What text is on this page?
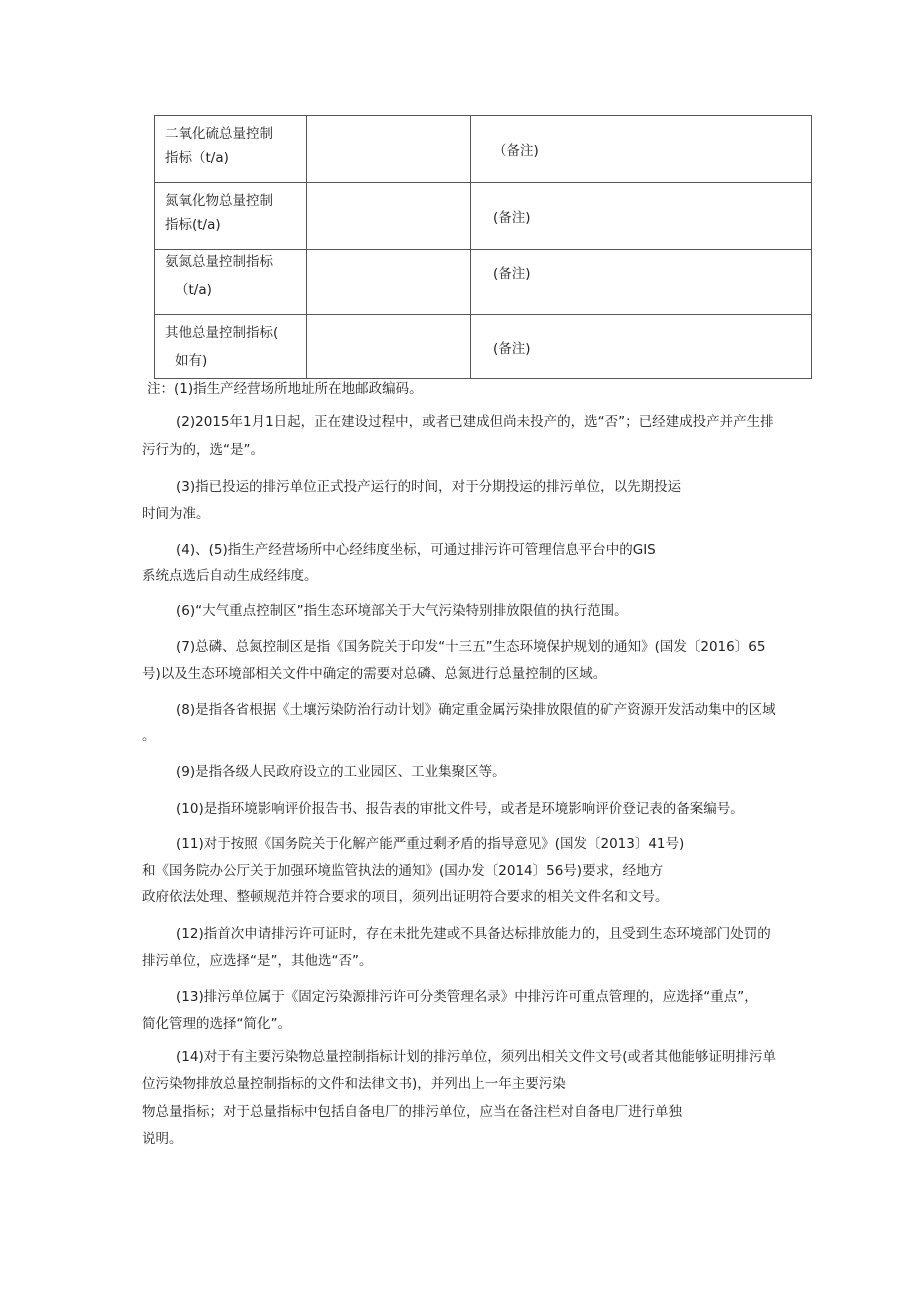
二氧化硫总量控制
指标（t/a)	（备注)
氮氧化物总量控制
指标(t/a)	(备注)
氨氮总量控制指标
（t/a)
(备注)
其他总量控制指标(
如有)
(备注)
注：(1)指生产经营场所地址所在地邮政编码。
(2)2015年1月1日起，正在建设过程中，或者已建成但尚未投产的，选“否”；已经建成投产并产生排
污行为的，选“是”。
(3)指已投运的排污单位正式投产运行的时间，对于分期投运的排污单位，以先期投运
时间为准。
(4)、(5)指生产经营场所中心经纬度坐标，可通过排污许可管理信息平台中的GIS
系统点选后自动生成经纬度。
(6)“大气重点控制区”指生态环境部关于大气污染特别排放限值的执行范围。
(7)总磷、总氮控制区是指《国务院关于印发“十三五”生态环境保护规划的通知》(国发〔2016〕65
号)以及生态环境部相关文件中确定的需要对总磷、总氮进行总量控制的区域。
(8)是指各省根据《土壤污染防治行动计划》确定重金属污染排放限值的矿产资源开发活动集中的区域
。
(9)是指各级人民政府设立的工业园区、工业集聚区等。
(10)是指环境影响评价报告书、报告表的审批文件号，或者是环境影响评价登记表的备案编号。
(11)对于按照《国务院关于化解产能严重过剩矛盾的指导意见》(国发〔2013〕41号)
和《国务院办公厅关于加强环境监管执法的通知》(国办发〔2014〕56号)要求，经地方
政府依法处理、整顿规范并符合要求的项目，须列出证明符合要求的相关文件名和文号。
(12)指首次申请排污许可证时，存在未批先建或不具备达标排放能力的，且受到生态环境部门处罚的
排污单位，应选择“是”，其他选“否”。
(13)排污单位属于《固定污染源排污许可分类管理名录》中排污许可重点管理的，应选择“重点”，
简化管理的选择“简化”。
(14)对于有主要污染物总量控制指标计划的排污单位，须列出相关文件文号(或者其他能够证明排污单
位污染物排放总量控制指标的文件和法律文书)，并列出上一年主要污染
物总量指标；对于总量指标中包括自备电厂的排污单位，应当在备注栏对自备电厂进行单独
说明。
